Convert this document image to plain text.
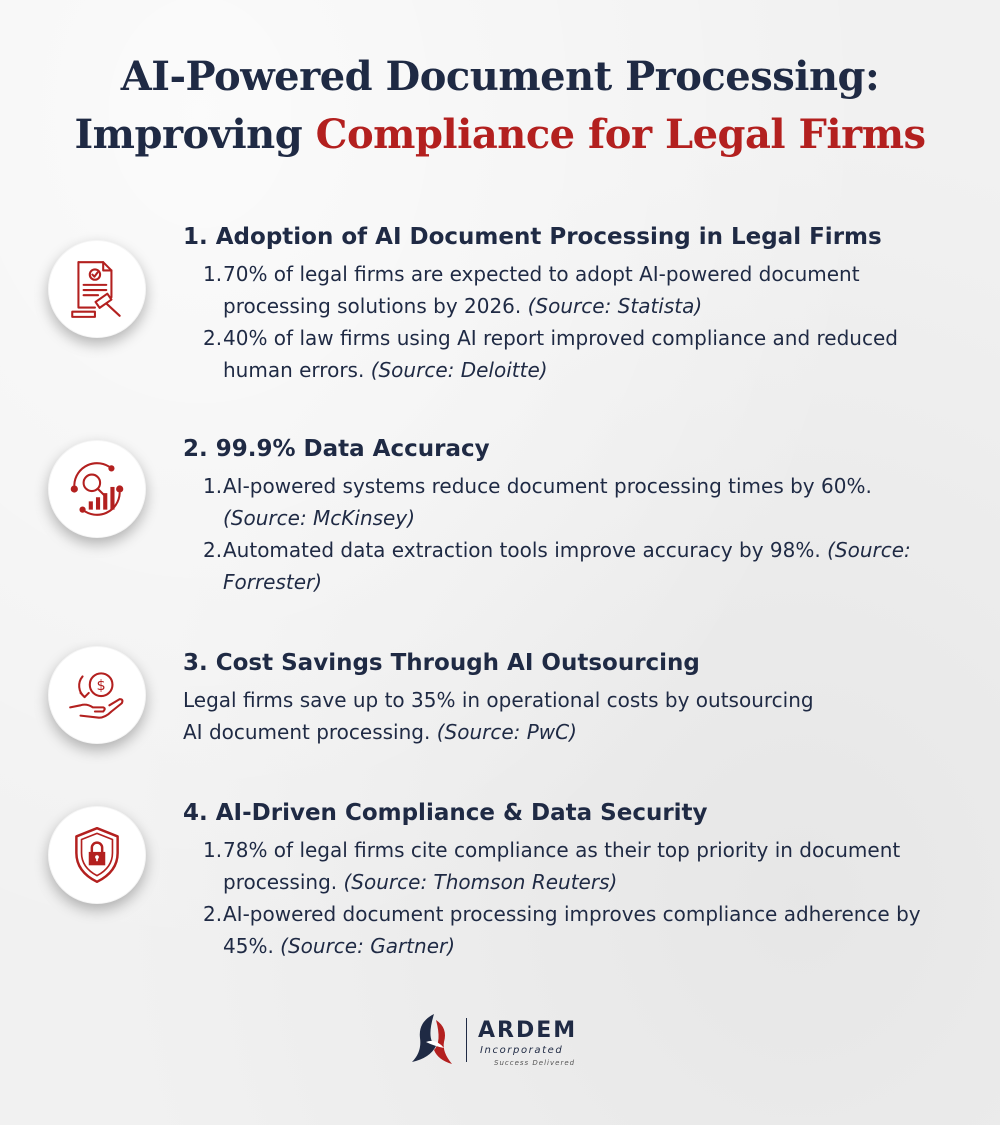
AI-Powered Document Processing:
Improving Compliance for Legal Firms
1. Adoption of AI Document Processing in Legal Firms
1. 70% of legal firms are expected to adopt AI-powered document processing solutions by 2026. (Source: Statista)
2. 40% of law firms using AI report improved compliance and reduced human errors. (Source: Deloitte)
2. 99.9% Data Accuracy
1. AI-powered systems reduce document processing times by 60%. (Source: McKinsey)
2. Automated data extraction tools improve accuracy by 98%. (Source: Forrester)
$
3. Cost Savings Through AI Outsourcing
Legal firms save up to 35% in operational costs by outsourcing AI document processing. (Source: PwC)
4. AI-Driven Compliance & Data Security
1. 78% of legal firms cite compliance as their top priority in document processing. (Source: Thomson Reuters)
2. AI-powered document processing improves compliance adherence by 45%. (Source: Gartner)
ARDEM
Incorporated
Success Delivered
